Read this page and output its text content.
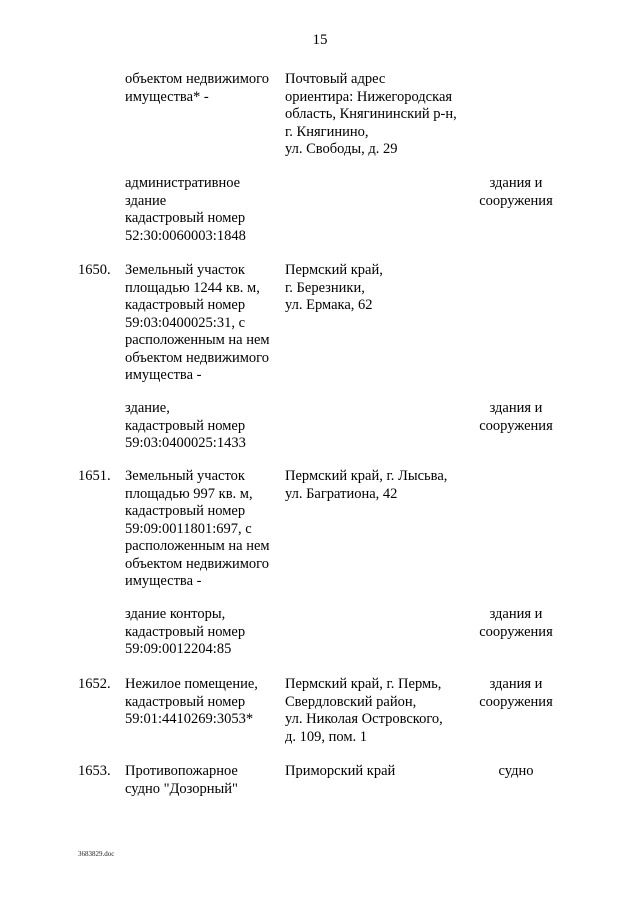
15
объектом недвижимого
имущества* -
Почтовый адрес
ориентира: Нижегородская
область, Княгининский р-н,
г. Княгинино,
ул. Свободы, д. 29
административное
здание
кадастровый номер
52:30:0060003:1848
здания и
сооружения
1650. Земельный участок
площадью 1244 кв. м,
кадастровый номер
59:03:0400025:31, с
расположенным на нем
объектом недвижимого
имущества -
Пермский край,
г. Березники,
ул. Ермака, 62
здание,
кадастровый номер
59:03:0400025:1433
здания и
сооружения
1651. Земельный участок
площадью 997 кв. м,
кадастровый номер
59:09:0011801:697, с
расположенным на нем
объектом недвижимого
имущества -
Пермский край, г. Лысьва,
ул. Багратиона, 42
здание конторы,
кадастровый номер
59:09:0012204:85
здания и
сооружения
1652. Нежилое помещение,
кадастровый номер
59:01:4410269:3053*
Пермский край, г. Пермь,
Свердловский район,
ул. Николая Островского,
д. 109, пом. 1
здания и
сооружения
1653. Противопожарное
судно "Дозорный"
Приморский край	судно
3683829.doc
